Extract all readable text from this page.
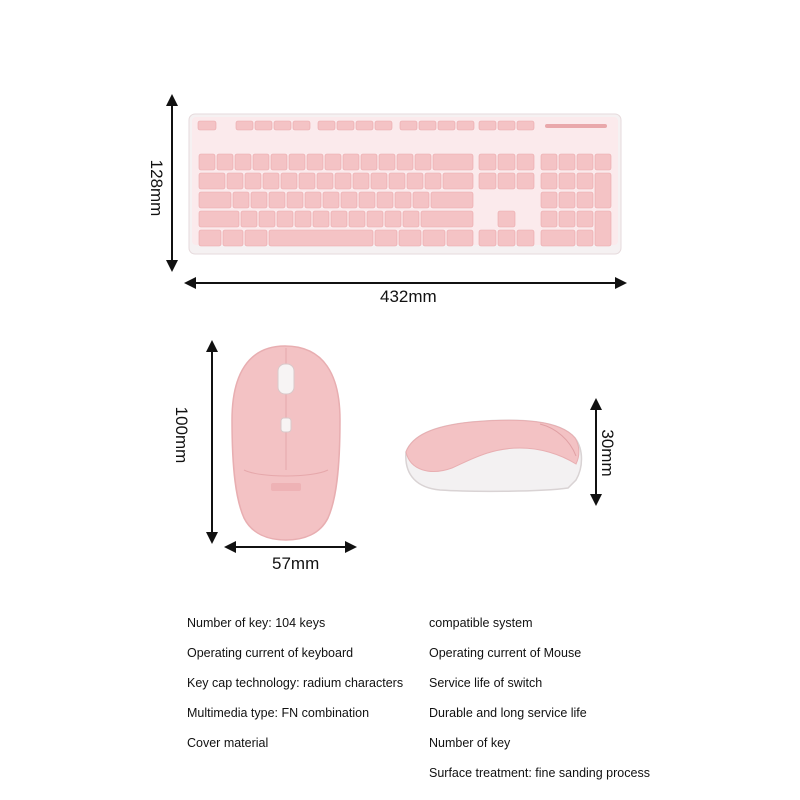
128mm
432mm
100mm
57mm
30mm
Number of key: 104 keys
Operating current of keyboard
Key cap technology: radium characters
Multimedia type: FN combination
Cover material
compatible system
Operating current of Mouse
Service life of switch
Durable and long service life
Number of key
Surface treatment: fine sanding process
